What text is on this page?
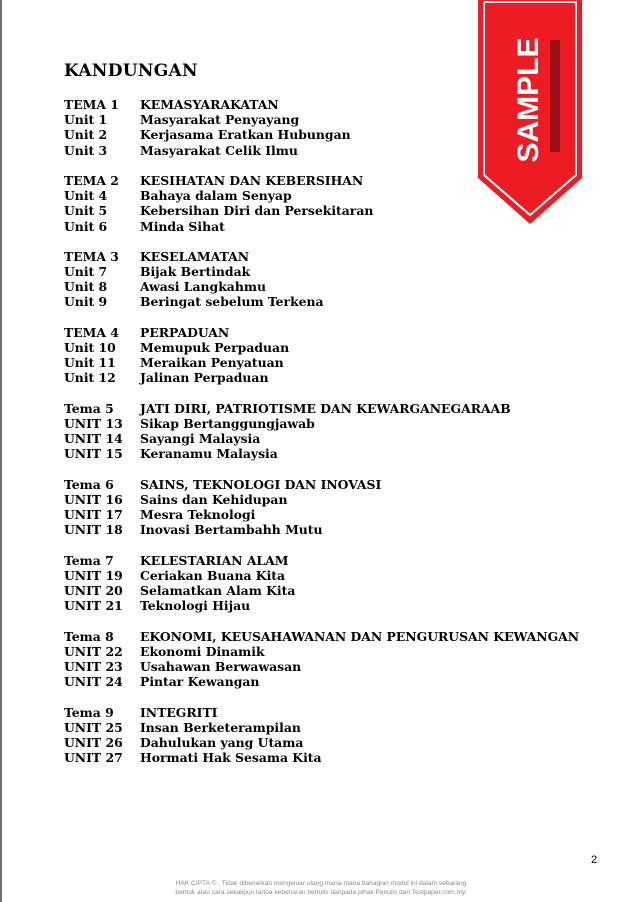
SAMPLE
KANDUNGAN
TEMA 1 KEMASYARAKATAN
Unit 1	Masyarakat Penyayang
Unit 2	Kerjasama Eratkan Hubungan
Unit 3	Masyarakat Celik Ilmu
TEMA 2 KESIHATAN DAN KEBERSIHAN
Unit 4	Bahaya dalam Senyap
Unit 5	Kebersihan Diri dan Persekitaran
Unit 6	Minda Sihat
TEMA 3 KESELAMATAN
Unit 7	Bijak Bertindak
Unit 8	Awasi Langkahmu
Unit 9	Beringat sebelum Terkena
TEMA 4 PERPADUAN
Unit 10 Memupuk Perpaduan
Unit 11 Meraikan Penyatuan
Unit 12 Jalinan Perpaduan
Tema 5 JATI DIRI, PATRIOTISME DAN KEWARGANEGARAAB
UNIT 13 Sikap Bertanggungjawab
UNIT 14 Sayangi Malaysia
UNIT 15 Keranamu Malaysia
Tema 6 SAINS, TEKNOLOGI DAN INOVASI
UNIT 16 Sains dan Kehidupan
UNIT 17 Mesra Teknologi
UNIT 18 Inovasi Bertambahh Mutu
Tema 7 KELESTARIAN ALAM
UNIT 19 Ceriakan Buana Kita
UNIT 20 Selamatkan Alam Kita
UNIT 21 Teknologi Hijau
Tema 8 EKONOMI, KEUSAHAWANAN DAN PENGURUSAN KEWANGAN
UNIT 22 Ekonomi Dinamik
UNIT 23 Usahawan Berwawasan
UNIT 24 Pintar Kewangan
Tema 9 INTEGRITI
UNIT 25 Insan Berketerampilan
UNIT 26 Dahulukan yang Utama
UNIT 27 Hormati Hak Sesama Kita
2
HAK CIPTA © : Tidak dibenarkan mengeluar ulang mana-mana bahagian modul ini dalam sebarang
bentuk atau cara sekalipun tanpa kebenaran bertulis daripada pihak Penulis dan Testpaper.com.my.
